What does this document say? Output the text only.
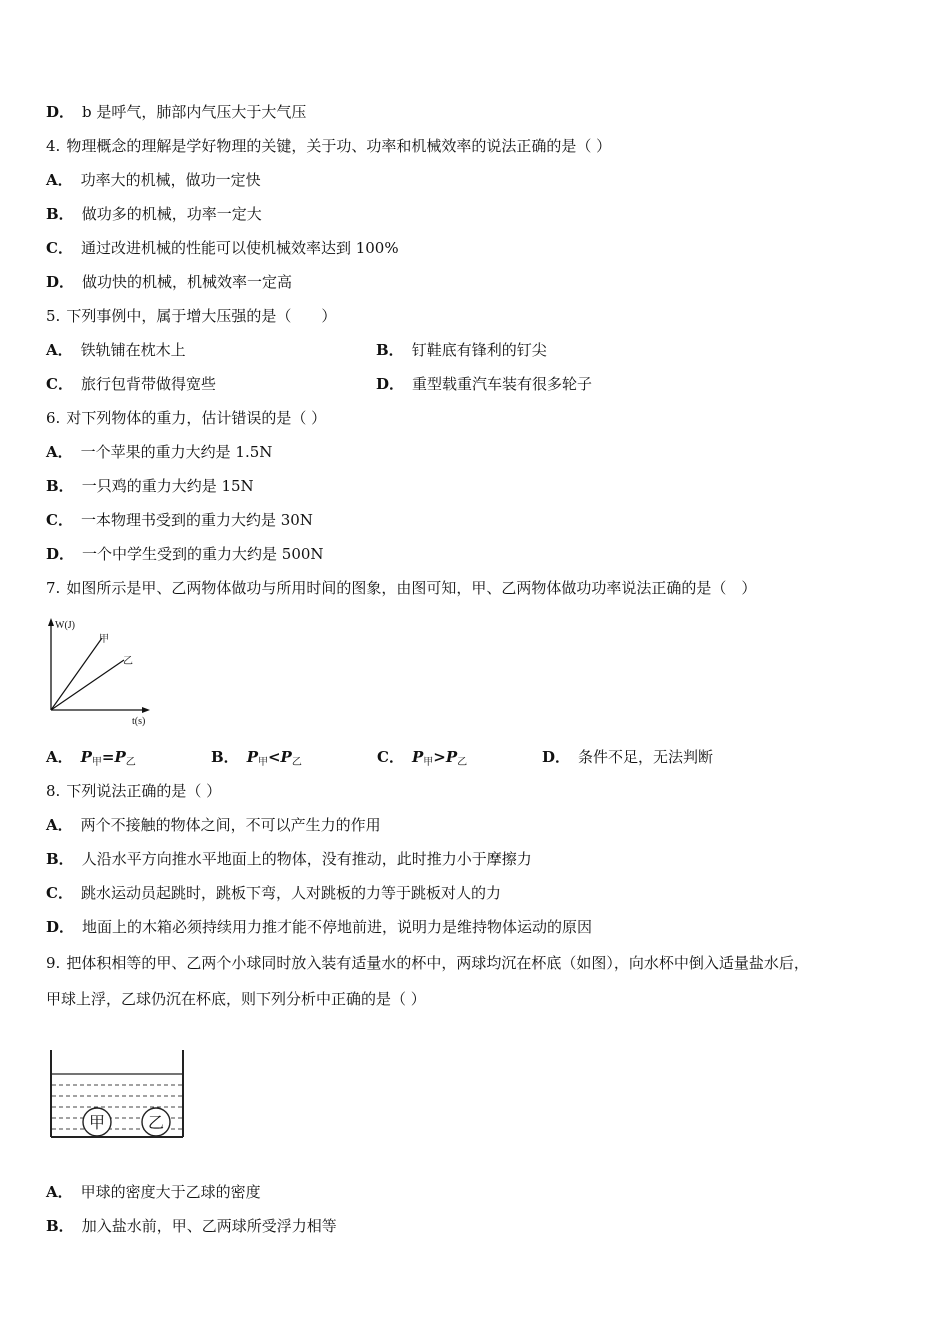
D． b 是呼气，肺部内气压大于大气压
4. 物理概念的理解是学好物理的关键，关于功、功率和机械效率的说法正确的是（ ）
A． 功率大的机械，做功一定快
B． 做功多的机械，功率一定大
C． 通过改进机械的性能可以使机械效率达到 100%
D． 做功快的机械，机械效率一定高
5. 下列事例中，属于增大压强的是（　　）
A． 铁轨铺在枕木上	B． 钉鞋底有锋利的钉尖
C． 旅行包背带做得宽些	D． 重型载重汽车装有很多轮子
6. 对下列物体的重力，估计错误的是（ ）
A． 一个苹果的重力大约是 1.5N
B． 一只鸡的重力大约是 15N
C． 一本物理书受到的重力大约是 30N
D． 一个中学生受到的重力大约是 500N
7. 如图所示是甲、乙两物体做功与所用时间的图象，由图可知，甲、乙两物体做功功率说法正确的是（　）
W(J)
t(s)
甲
乙
A． $P_甲=P_乙$	B． $P_甲<P_乙$	C． $P_甲>P_乙$	D． 条件不足，无法判断
8. 下列说法正确的是（ ）
A． 两个不接触的物体之间，不可以产生力的作用
B． 人沿水平方向推水平地面上的物体，没有推动，此时推力小于摩擦力
C． 跳水运动员起跳时，跳板下弯，人对跳板的力等于跳板对人的力
D． 地面上的木箱必须持续用力推才能不停地前进，说明力是维持物体运动的原因
9. 把体积相等的甲、乙两个小球同时放入装有适量水的杯中，两球均沉在杯底（如图），向水杯中倒入适量盐水后，
甲球上浮，乙球仍沉在杯底，则下列分析中正确的是（ ）
甲	乙
A． 甲球的密度大于乙球的密度
B． 加入盐水前，甲、乙两球所受浮力相等
